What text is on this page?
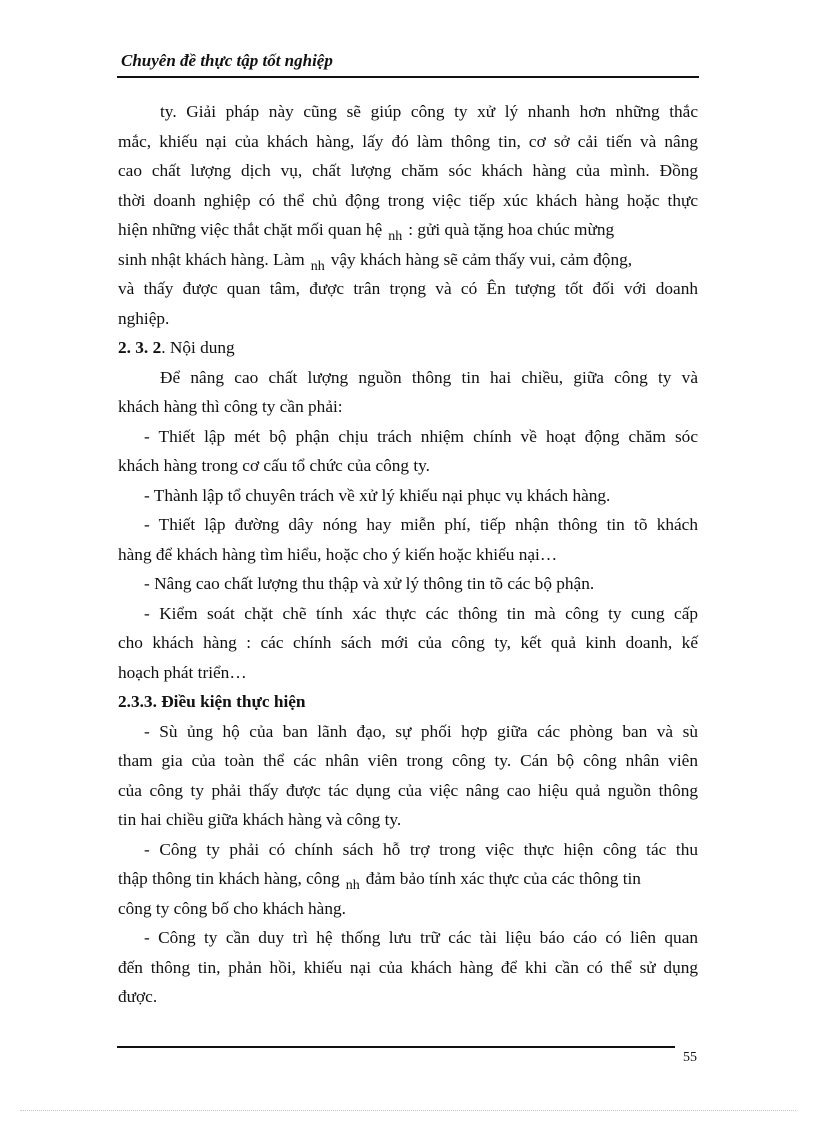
Chuyên đề thực tập tốt nghiệp
ty. Giải pháp này cũng sẽ giúp công ty xử lý nhanh hơn những thắc
mắc, khiếu nại của khách hàng, lấy đó làm thông tin, cơ sở cải tiến và nâng
cao chất lượng dịch vụ, chất lượng chăm sóc khách hàng của mình. Đồng
thời doanh nghiệp có thể chủ động trong việc tiếp xúc khách hàng hoặc thực
hiện những việc thắt chặt mối quan hệ $_{nh}$ : gửi quà tặng hoa chúc mừng
sinh nhật khách hàng. Làm $_{nh}$ vậy khách hàng sẽ cảm thấy vui, cảm động,
và thấy được quan tâm, được trân trọng và có Ên tượng tốt đối với doanh
nghiệp.
2. 3. 2. Nội dung
Để nâng cao chất lượng nguồn thông tin hai chiều, giữa công ty và
khách hàng thì công ty cần phải:
‐ Thiết lập mét bộ phận chịu trách nhiệm chính về hoạt động chăm sóc
khách hàng trong cơ cấu tổ chức của công ty.
‐ Thành lập tổ chuyên trách về xử lý khiếu nại phục vụ khách hàng.
‐ Thiết lập đường dây nóng hay miễn phí, tiếp nhận thông tin tõ khách
hàng để khách hàng tìm hiểu, hoặc cho ý kiến hoặc khiếu nại…
‐ Nâng cao chất lượng thu thập và xử lý thông tin tõ các bộ phận.
‐ Kiểm soát chặt chẽ tính xác thực các thông tin mà công ty cung cấp
cho khách hàng : các chính sách mới của công ty, kết quả kinh doanh, kế
hoạch phát triển…
2.3.3. Điều kiện thực hiện
‐ Sù ủng hộ của ban lãnh đạo, sự phối hợp giữa các phòng ban và sù
tham gia của toàn thể các nhân viên trong công ty. Cán bộ công nhân viên
của công ty phải thấy được tác dụng của việc nâng cao hiệu quả nguồn thông
tin hai chiều giữa khách hàng và công ty.
‐ Công ty phải có chính sách hỗ trợ trong việc thực hiện công tác thu
thập thông tin khách hàng, công $_{nh}$ đảm bảo tính xác thực của các thông tin
công ty công bố cho khách hàng.
‐ Công ty cần duy trì hệ thống lưu trữ các tài liệu báo cáo có liên quan
đến thông tin, phản hồi, khiếu nại của khách hàng để khi cần có thể sử dụng
được.
55
